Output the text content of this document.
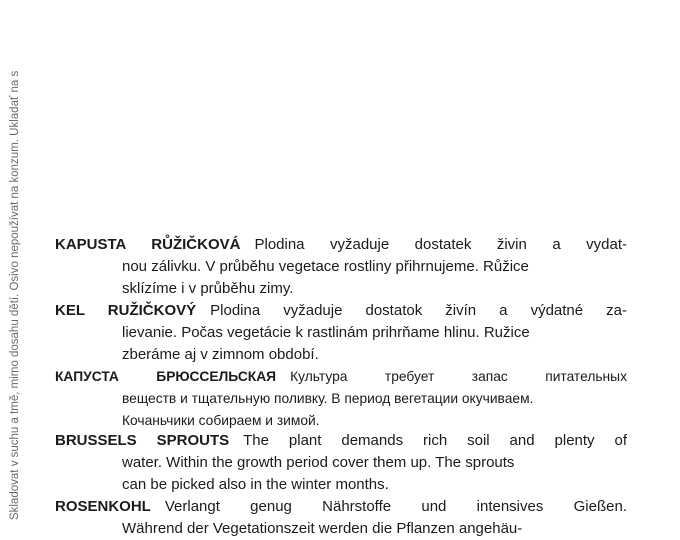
Skladovat v suchu a tmě, mimo dosahu dětí. Osivo nepoužívat na konzum. Ukladať na s KAPUSTA RŮŽIČKOVÁ Plodina vyžaduje dostatek živin a vydat-
nou zálivku. V průběhu vegetace rostliny přihrnujeme. Růžice
sklízíme i v průběhu zimy.
KEL RUŽIČKOVÝ Plodina vyžaduje dostatok živín a výdatné za-
lievanie. Počas vegetácie k rastlinám prihrňame hlinu. Ružice
zberáme aj v zimnom období.
КАПУСТА БРЮССЕЛЬСКАЯ Культура требует запас питательных
веществ и тщательную поливку. В период вегетации окучиваем.
Кочаньчики собираем и зимой.
BRUSSELS SPROUTS The plant demands rich soil and plenty of
water. Within the growth period cover them up. The sprouts
can be picked also in the winter months.
ROSENKOHL Verlangt genug Nährstoffe und intensives Gießen.
Während der Vegetationszeit werden die Pflanzen angehäu-
